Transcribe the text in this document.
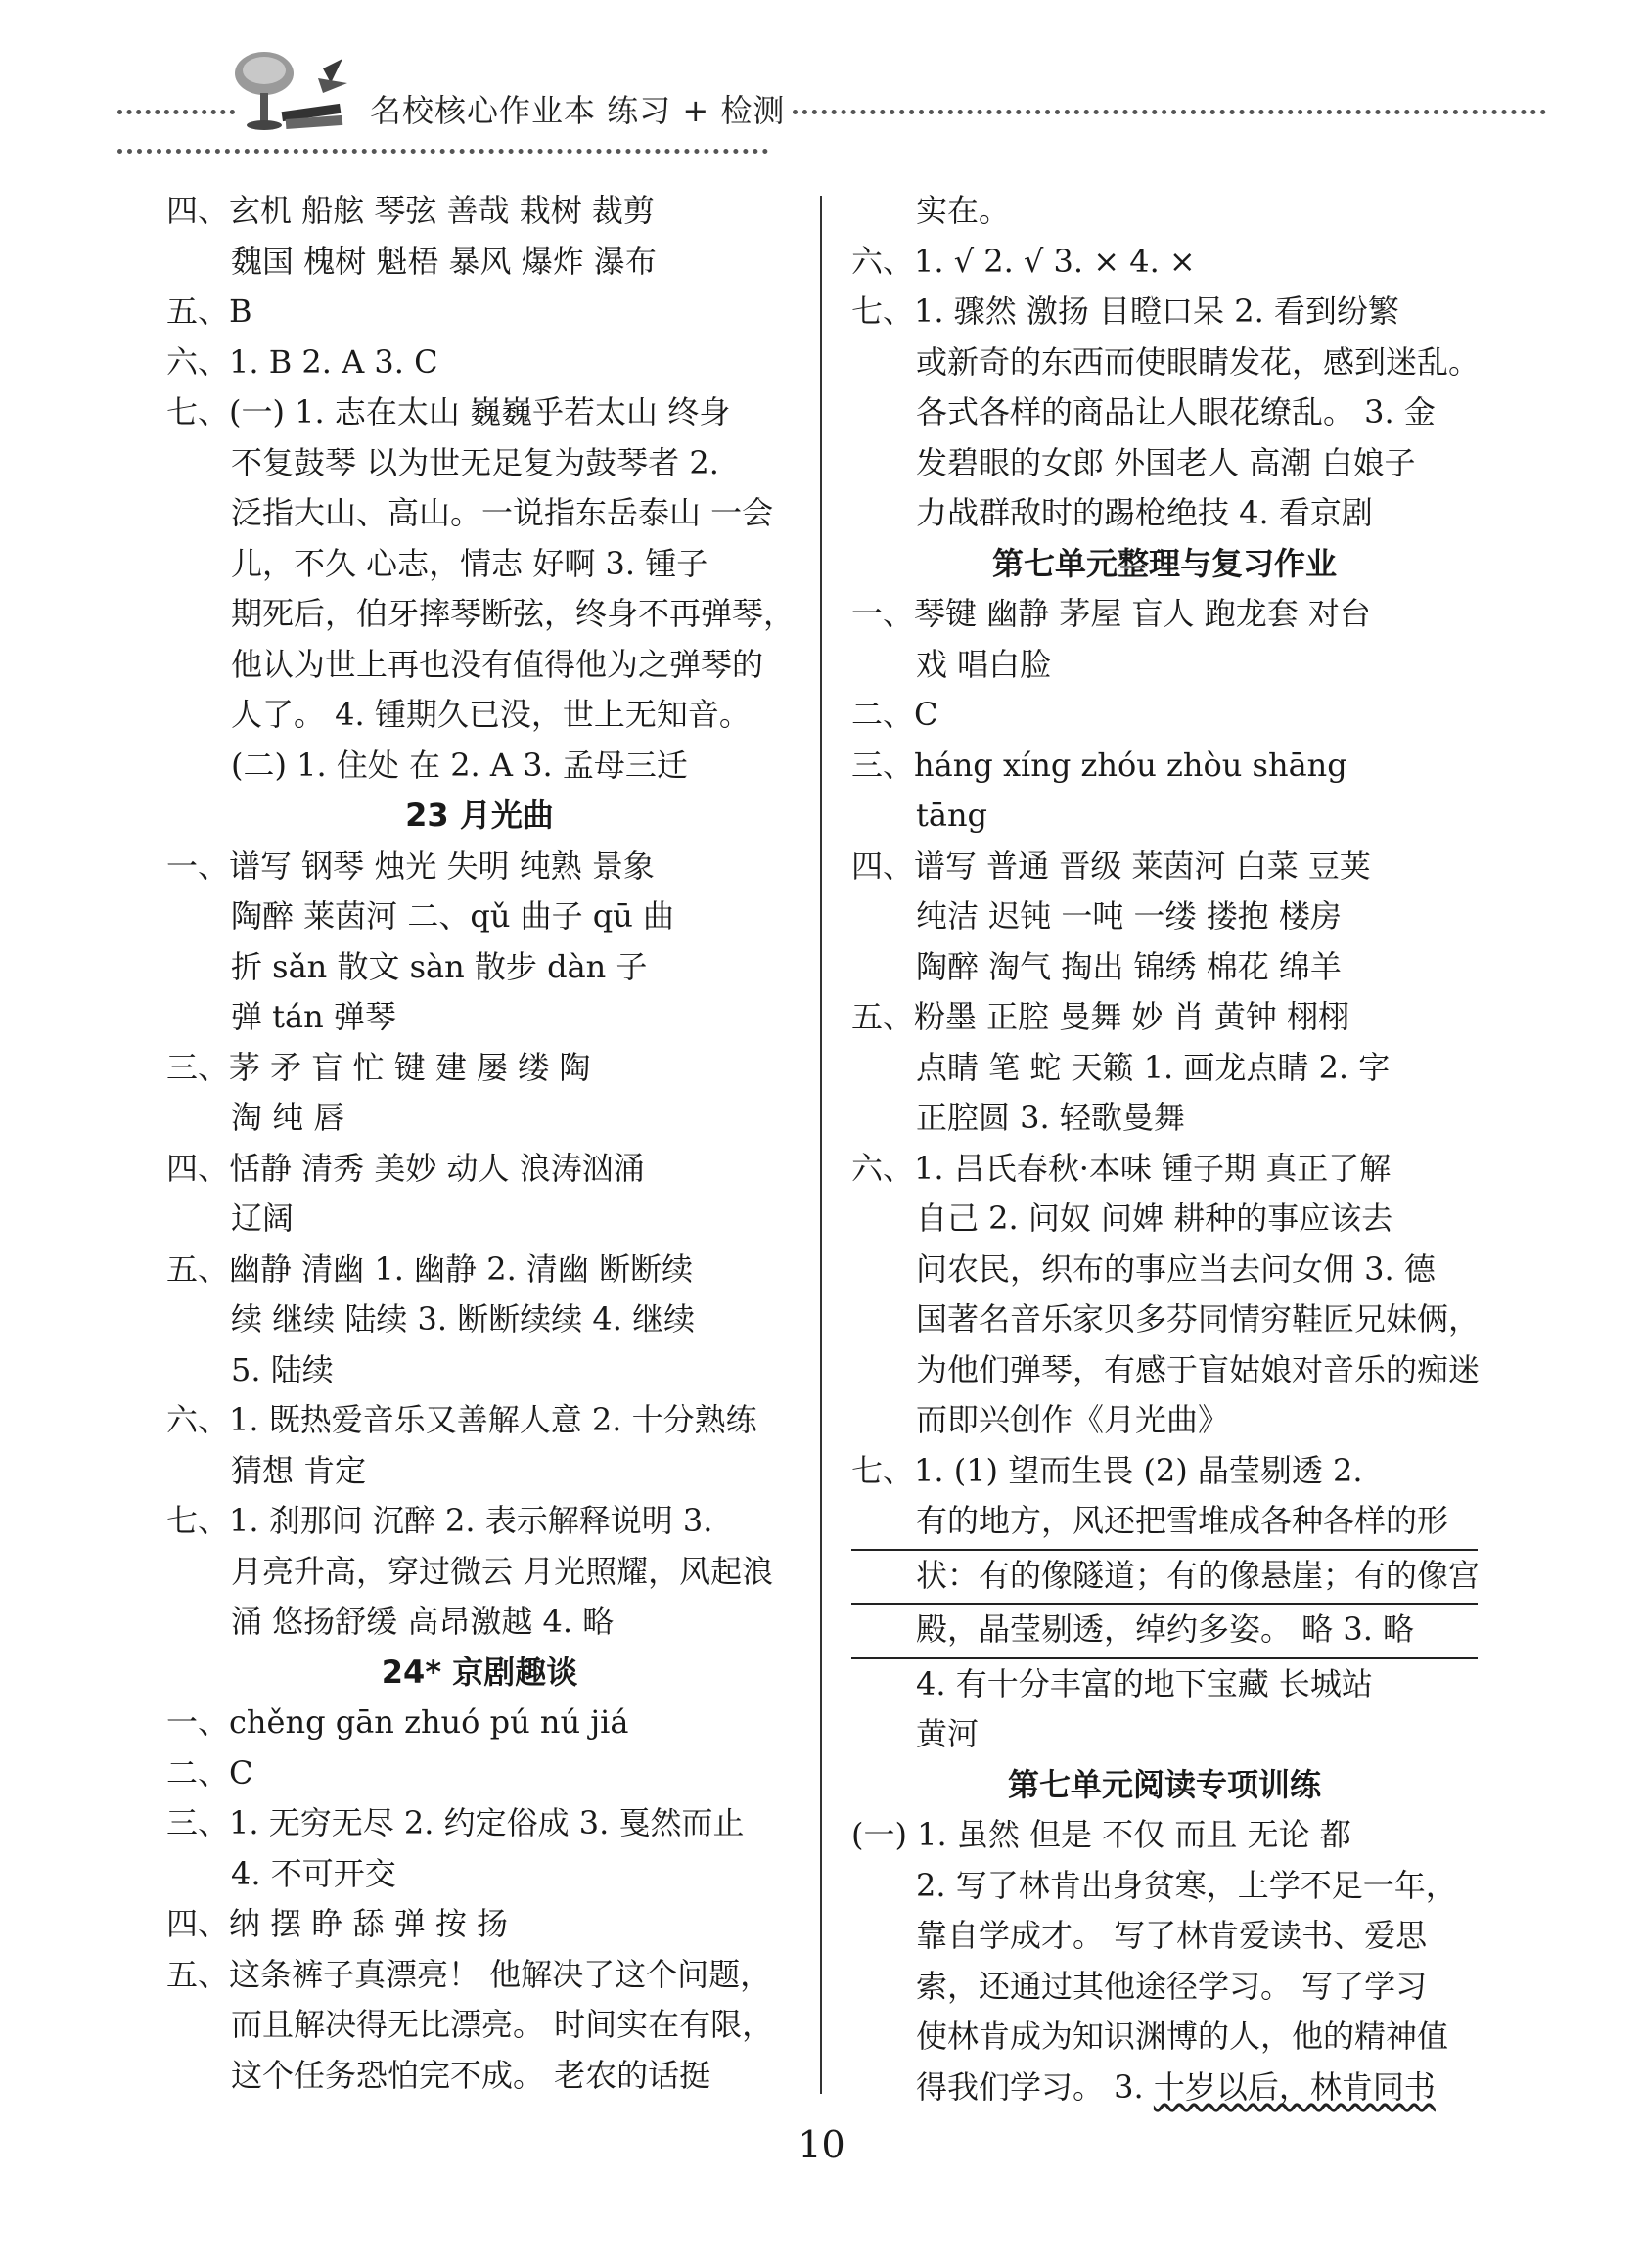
名校核心作业本 练习 + 检测
四、玄机 船舷 琴弦 善哉 栽树 裁剪
魏国 槐树 魁梧 暴风 爆炸 瀑布
五、B
六、1. B 2. A 3. C
七、(一) 1. 志在太山 巍巍乎若太山 终身
不复鼓琴 以为世无足复为鼓琴者 2.
泛指大山、高山。一说指东岳泰山 一会
儿，不久 心志，情志 好啊 3. 锺子
期死后，伯牙摔琴断弦，终身不再弹琴，
他认为世上再也没有值得他为之弹琴的
人了。 4. 锺期久已没，世上无知音。
(二) 1. 住处 在 2. A 3. 孟母三迁
23 月光曲
一、谱写 钢琴 烛光 失明 纯熟 景象
陶醉 莱茵河 二、qǔ 曲子 qū 曲
折 sǎn 散文 sàn 散步 dàn 子
弹 tán 弹琴
三、茅 矛 盲 忙 键 建 屡 缕 陶
淘 纯 唇
四、恬静 清秀 美妙 动人 浪涛汹涌
辽阔
五、幽静 清幽 1. 幽静 2. 清幽 断断续
续 继续 陆续 3. 断断续续 4. 继续
5. 陆续
六、1. 既热爱音乐又善解人意 2. 十分熟练
猜想 肯定
七、1. 刹那间 沉醉 2. 表示解释说明 3.
月亮升高，穿过微云 月光照耀，风起浪
涌 悠扬舒缓 高昂激越 4. 略
24* 京剧趣谈
一、chěng gān zhuó pú nú jiá
二、C
三、1. 无穷无尽 2. 约定俗成 3. 戛然而止
4. 不可开交
四、纳 摆 睁 舔 弹 按 扬
五、这条裤子真漂亮！ 他解决了这个问题，
而且解决得无比漂亮。 时间实在有限，
这个任务恐怕完不成。 老农的话挺
实在。
六、1. √ 2. √ 3. × 4. ×
七、1. 骤然 激扬 目瞪口呆 2. 看到纷繁
或新奇的东西而使眼睛发花，感到迷乱。
各式各样的商品让人眼花缭乱。 3. 金
发碧眼的女郎 外国老人 高潮 白娘子
力战群敌时的踢枪绝技 4. 看京剧
第七单元整理与复习作业
一、琴键 幽静 茅屋 盲人 跑龙套 对台
戏 唱白脸
二、C
三、háng xíng zhóu zhòu shāng
tāng
四、谱写 普通 晋级 莱茵河 白菜 豆荚
纯洁 迟钝 一吨 一缕 搂抱 楼房
陶醉 淘气 掏出 锦绣 棉花 绵羊
五、粉墨 正腔 曼舞 妙 肖 黄钟 栩栩
点睛 笔 蛇 天籁 1. 画龙点睛 2. 字
正腔圆 3. 轻歌曼舞
六、1. 吕氏春秋·本味 锺子期 真正了解
自己 2. 问奴 问婢 耕种的事应该去
问农民，织布的事应当去问女佣 3. 德
国著名音乐家贝多芬同情穷鞋匠兄妹俩，
为他们弹琴，有感于盲姑娘对音乐的痴迷
而即兴创作《月光曲》
七、1. (1) 望而生畏 (2) 晶莹剔透 2.
有的地方，风还把雪堆成各种各样的形
状：有的像隧道；有的像悬崖；有的像宫
殿，晶莹剔透，绰约多姿。 略 3. 略
4. 有十分丰富的地下宝藏 长城站
黄河
第七单元阅读专项训练
(一) 1. 虽然 但是 不仅 而且 无论 都
2. 写了林肯出身贫寒，上学不足一年，
靠自学成才。 写了林肯爱读书、爱思
索，还通过其他途径学习。 写了学习
使林肯成为知识渊博的人，他的精神值
得我们学习。 3. 十岁以后，林肯同书
10
